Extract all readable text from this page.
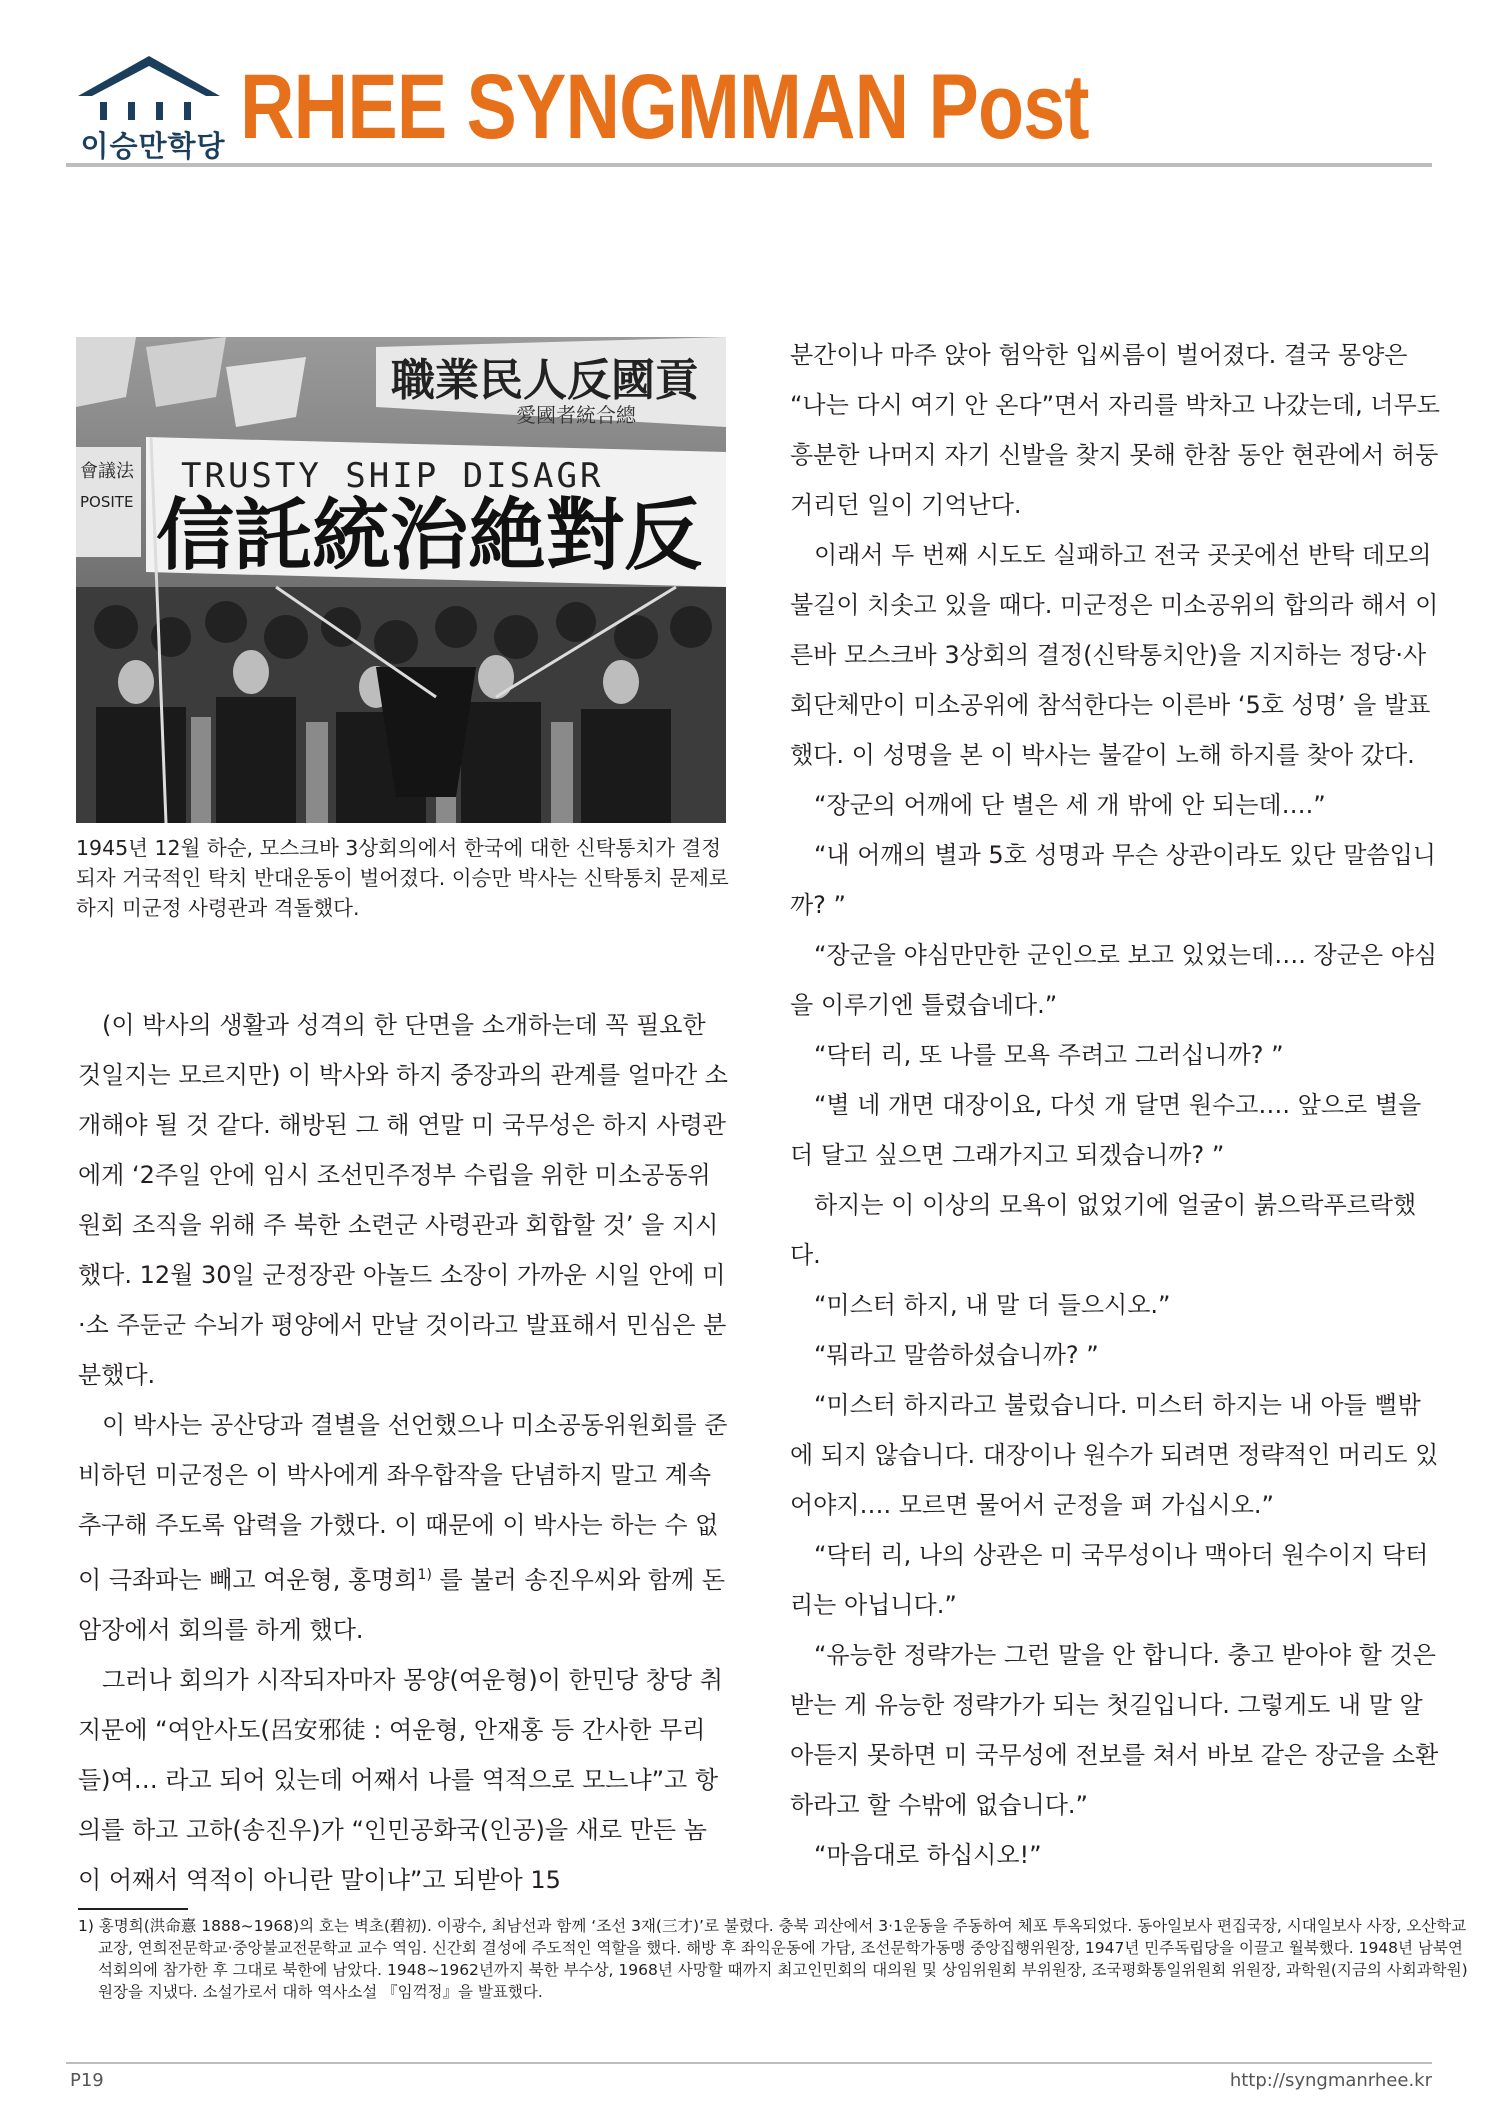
이승만학당 RHEE SYNGMMAN Post
職業民人反國貢
愛國者統合總
會議法
POSITE
TRUSTY SHIP DISAGR
信託統治絶對反
1945년 12월 하순, 모스크바 3상회의에서 한국에 대한 신탁통치가 결정되자 거국적인 탁치 반대운동이 벌어졌다. 이승만 박사는 신탁통치 문제로 하지 미군정 사령관과 격돌했다.

(이 박사의 생활과 성격의 한 단면을 소개하는데 꼭 필요한 것일지는 모르지만) 이 박사와 하지 중장과의 관계를 얼마간 소개해야 될 것 같다. 해방된 그 해 연말 미 국무성은 하지 사령관에게 ‘2주일 안에 임시 조선민주정부 수립을 위한 미소공동위원회 조직을 위해 주 북한 소련군 사령관과 회합할 것’ 을 지시했다. 12월 30일 군정장관 아놀드 소장이 가까운 시일 안에 미·소 주둔군 수뇌가 평양에서 만날 것이라고 발표해서 민심은 분분했다.

이 박사는 공산당과 결별을 선언했으나 미소공동위원회를 준비하던 미군정은 이 박사에게 좌우합작을 단념하지 말고 계속 추구해 주도록 압력을 가했다. 이 때문에 이 박사는 하는 수 없이 극좌파는 빼고 여운형, 홍명희$^{1)}$ 를 불러 송진우씨와 함께 돈암장에서 회의를 하게 했다.

그러나 회의가 시작되자마자 몽양(여운형)이 한민당 창당 취지문에 “여안사도(呂安邪徒 : 여운형, 안재홍 등 간사한 무리들)여… 라고 되어 있는데 어째서 나를 역적으로 모느냐”고 항의를 하고 고하(송진우)가 “인민공화국(인공)을 새로 만든 놈이 어째서 역적이 아니란 말이냐”고 되받아 15

분간이나 마주 앉아 험악한 입씨름이 벌어졌다. 결국 몽양은 “나는 다시 여기 안 온다”면서 자리를 박차고 나갔는데, 너무도 흥분한 나머지 자기 신발을 찾지 못해 한참 동안 현관에서 허둥거리던 일이 기억난다.

이래서 두 번째 시도도 실패하고 전국 곳곳에선 반탁 데모의 불길이 치솟고 있을 때다. 미군정은 미소공위의 합의라 해서 이른바 모스크바 3상회의 결정(신탁통치안)을 지지하는 정당·사회단체만이 미소공위에 참석한다는 이른바 ‘5호 성명’ 을 발표했다. 이 성명을 본 이 박사는 불같이 노해 하지를 찾아 갔다.

“장군의 어깨에 단 별은 세 개 밖에 안 되는데….”

“내 어깨의 별과 5호 성명과 무슨 상관이라도 있단 말씀입니까? ”

“장군을 야심만만한 군인으로 보고 있었는데…. 장군은 야심을 이루기엔 틀렸습네다.”

“닥터 리, 또 나를 모욕 주려고 그러십니까? ”

“별 네 개면 대장이요, 다섯 개 달면 원수고…. 앞으로 별을 더 달고 싶으면 그래가지고 되겠습니까? ”

하지는 이 이상의 모욕이 없었기에 얼굴이 붉으락푸르락했다.

“미스터 하지, 내 말 더 들으시오.”

“뭐라고 말씀하셨습니까? ”

“미스터 하지라고 불렀습니다. 미스터 하지는 내 아들 뻘밖에 되지 않습니다. 대장이나 원수가 되려면 정략적인 머리도 있어야지…. 모르면 물어서 군정을 펴 가십시오.”

“닥터 리, 나의 상관은 미 국무성이나 맥아더 원수이지 닥터 리는 아닙니다.”

“유능한 정략가는 그런 말을 안 합니다. 충고 받아야 할 것은 받는 게 유능한 정략가가 되는 첫길입니다. 그렇게도 내 말 알아듣지 못하면 미 국무성에 전보를 쳐서 바보 같은 장군을 소환하라고 할 수밖에 없습니다.”

“마음대로 하십시오!”

1) 홍명희(洪命憙 1888~1968)의 호는 벽초(碧初). 이광수, 최남선과 함께 ‘조선 3재(三才)’로 불렸다. 충북 괴산에서 3·1운동을 주동하여 체포 투옥되었다. 동아일보사 편집국장, 시대일보사 사장, 오산학교 교장, 연희전문학교·중앙불교전문학교 교수 역임. 신간회 결성에 주도적인 역할을 했다. 해방 후 좌익운동에 가담, 조선문학가동맹 중앙집행위원장, 1947년 민주독립당을 이끌고 월북했다. 1948년 남북연석회의에 참가한 후 그대로 북한에 남았다. 1948~1962년까지 북한 부수상, 1968년 사망할 때까지 최고인민회의 대의원 및 상임위원회 부위원장, 조국평화통일위원회 위원장, 과학원(지금의 사회과학원) 원장을 지냈다. 소설가로서 대하 역사소설 『임꺽정』을 발표했다.
P19	http://syngmanrhee.kr
